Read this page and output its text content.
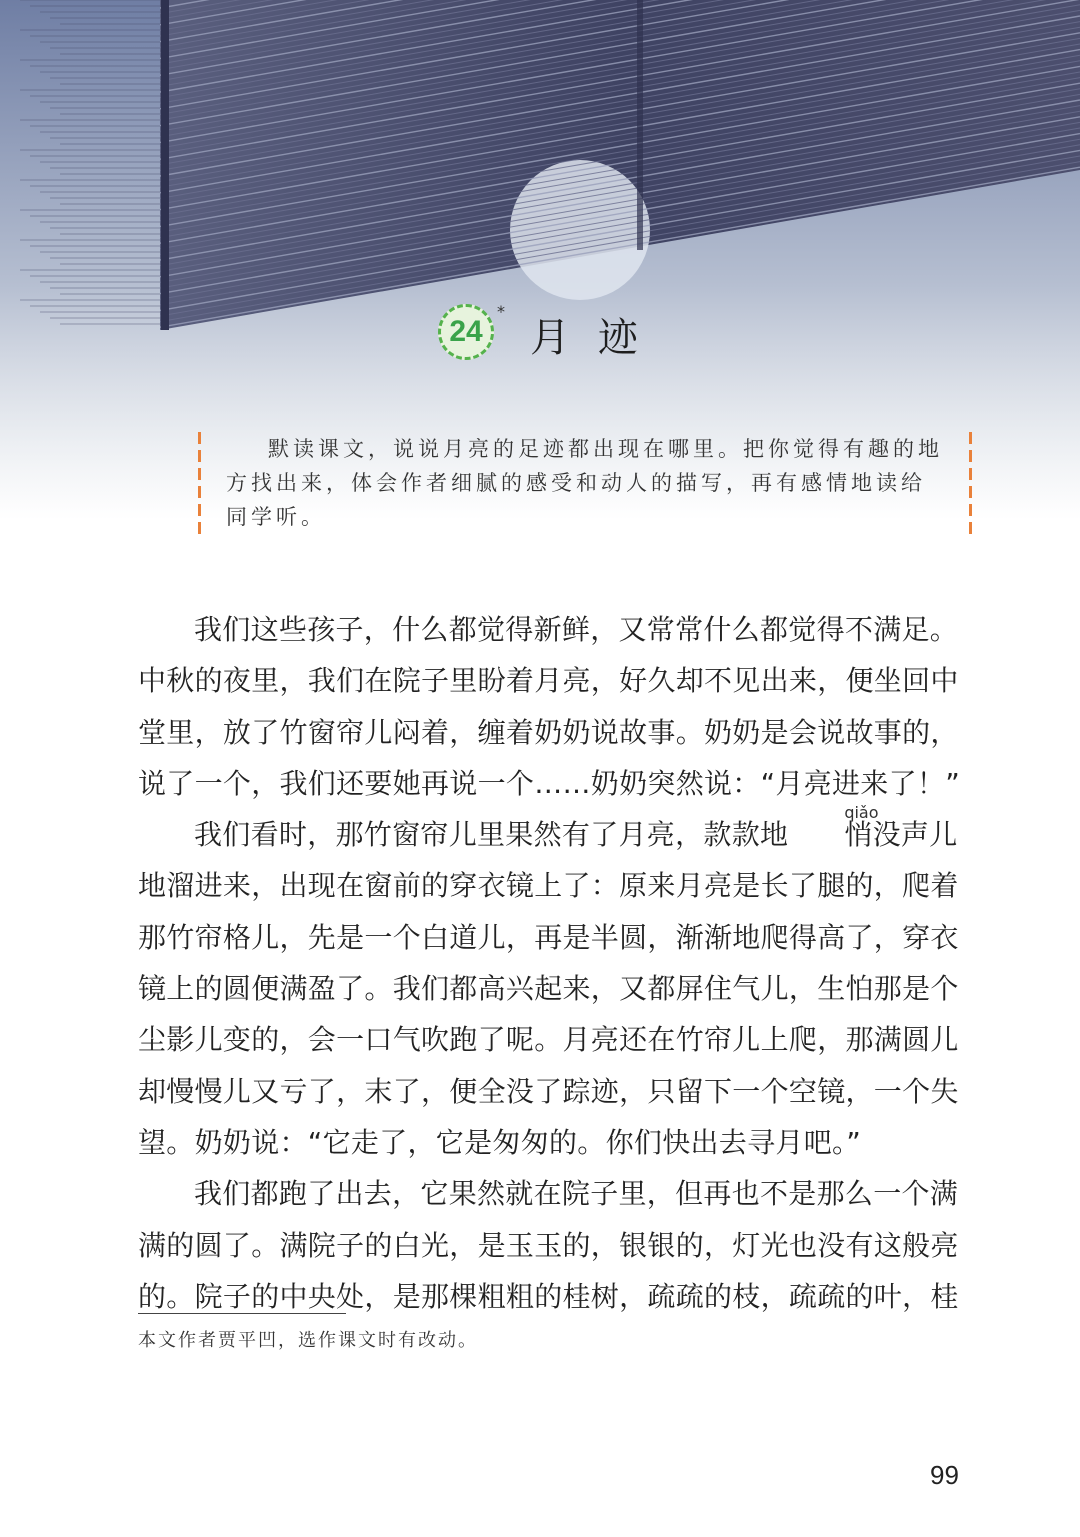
24
*
月迹

默读课文，说说月亮的足迹都出现在哪里。把你觉得有趣的地方找出来，体会作者细腻的感受和动人的描写，再有感情地读给同学听。

我们这些孩子，什么都觉得新鲜，又常常什么都觉得不满足。中秋的夜里，我们在院子里盼着月亮，好久却不见出来，便坐回中堂里，放了竹窗帘儿闷着，缠着奶奶说故事。奶奶是会说故事的，说了一个，我们还要她再说一个……奶奶突然说：“月亮进来了！”

我们看时，那竹窗帘儿里果然有了月亮，款款地
qiǎo
悄没声儿地溜进来，出现在窗前的穿衣镜上了：原来月亮是长了腿的，爬着那竹帘格儿，先是一个白道儿，再是半圆，渐渐地爬得高了，穿衣镜上的圆便满盈了。我们都高兴起来，又都屏住气儿，生怕那是个尘影儿变的，会一口气吹跑了呢。月亮还在竹帘儿上爬，那满圆儿却慢慢儿又亏了，末了，便全没了踪迹，只留下一个空镜，一个失望。奶奶说：“它走了，它是匆匆的。你们快出去寻月吧。”

我们都跑了出去，它果然就在院子里，但再也不是那么一个满满的圆了。满院子的白光，是玉玉的，银银的，灯光也没有这般亮的。院子的中央处，是那棵粗粗的桂树，疏疏的枝，疏疏的叶，桂

本文作者贾平凹，选作课文时有改动。
99
